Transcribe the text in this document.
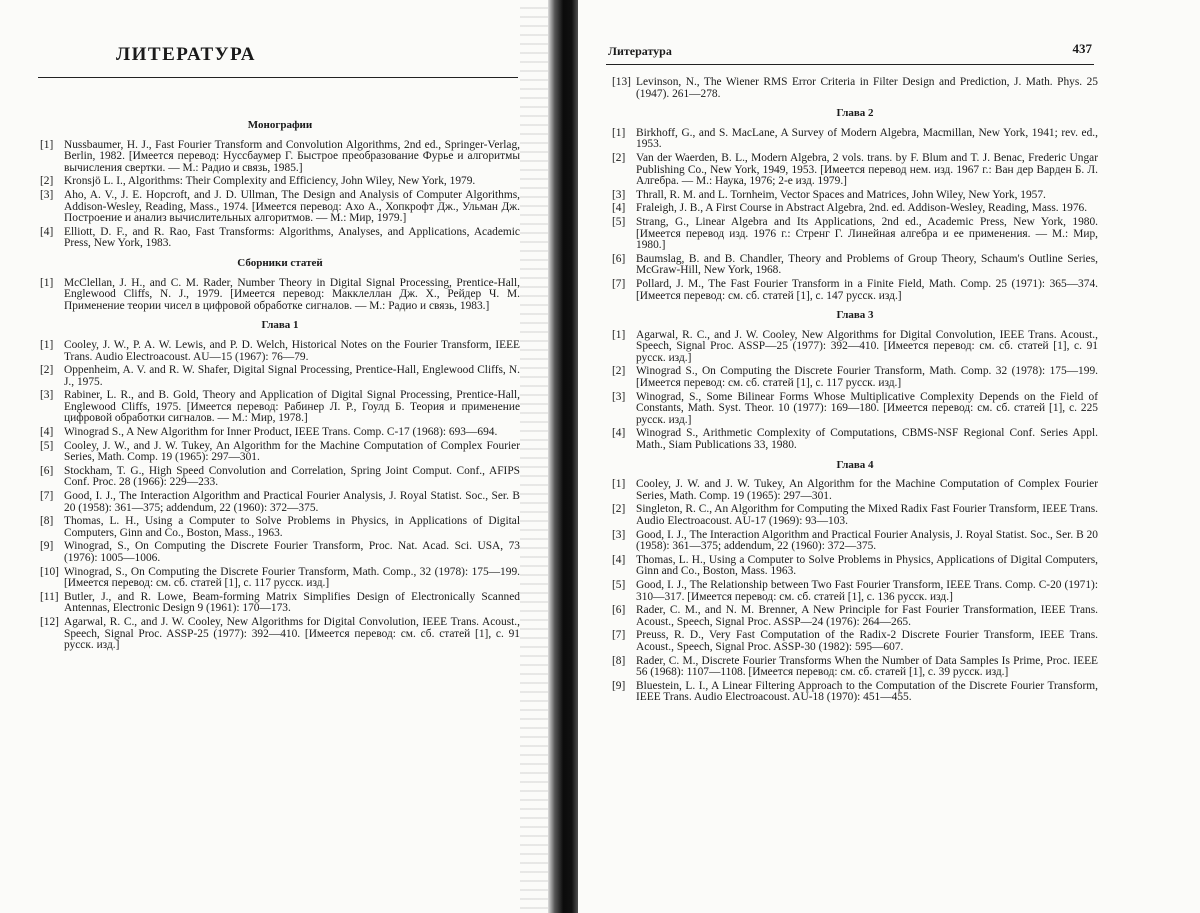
ЛИТЕРАТУРА
Монографии
[1] Nussbaumer, H. J., Fast Fourier Transform and Convolution Algorithms, 2nd ed., Springer-Verlag, Berlin, 1982. [Имеется перевод: Нуссбаумер Г. Быстрое преобразование Фурье и алгоритмы вычисления свертки. — М.: Радио и связь, 1985.]
[2] Kronsjö L. I., Algorithms: Their Complexity and Efficiency, John Wiley, New York, 1979.
[3] Aho, A. V., J. E. Hopcroft, and J. D. Ullman, The Design and Analysis of Computer Algorithms, Addison-Wesley, Reading, Mass., 1974. [Имеется перевод: Ахо А., Хопкрофт Дж., Ульман Дж. Построение и анализ вычислительных алгоритмов. — М.: Мир, 1979.]
[4] Elliott, D. F., and R. Rao, Fast Transforms: Algorithms, Analyses, and Applications, Academic Press, New York, 1983.
Сборники статей
[1] McClellan, J. H., and C. M. Rader, Number Theory in Digital Signal Processing, Prentice-Hall, Englewood Cliffs, N. J., 1979. [Имеется перевод: Макклеллан Дж. Х., Рейдер Ч. М. Применение теории чисел в цифровой обработке сигналов. — М.: Радио и связь, 1983.]
Глава 1
[1] Cooley, J. W., P. A. W. Lewis, and P. D. Welch, Historical Notes on the Fourier Transform, IEEE Trans. Audio Electroacoust. AU—15 (1967): 76—79.
[2] Oppenheim, A. V. and R. W. Shafer, Digital Signal Processing, Prentice-Hall, Englewood Cliffs, N. J., 1975.
[3] Rabiner, L. R., and B. Gold, Theory and Application of Digital Signal Processing, Prentice-Hall, Englewood Cliffs, 1975. [Имеется перевод: Рабинер Л. Р., Гоулд Б. Теория и применение цифровой обработки сигналов. — М.: Мир, 1978.]
[4] Winograd S., A New Algorithm for Inner Product, IEEE Trans. Comp. C-17 (1968): 693—694.
[5] Cooley, J. W., and J. W. Tukey, An Algorithm for the Machine Computation of Complex Fourier Series, Math. Comp. 19 (1965): 297—301.
[6] Stockham, T. G., High Speed Convolution and Correlation, Spring Joint Comput. Conf., AFIPS Conf. Proc. 28 (1966): 229—233.
[7] Good, I. J., The Interaction Algorithm and Practical Fourier Analysis, J. Royal Statist. Soc., Ser. B 20 (1958): 361—375; addendum, 22 (1960): 372—375.
[8] Thomas, L. H., Using a Computer to Solve Problems in Physics, in Applications of Digital Computers, Ginn and Co., Boston, Mass., 1963.
[9] Winograd, S., On Computing the Discrete Fourier Transform, Proc. Nat. Acad. Sci. USA, 73 (1976): 1005—1006.
[10] Winograd, S., On Computing the Discrete Fourier Transform, Math. Comp., 32 (1978): 175—199. [Имеется перевод: см. сб. статей [1], с. 117 русск. изд.]
[11] Butler, J., and R. Lowe, Beam-forming Matrix Simplifies Design of Electronically Scanned Antennas, Electronic Design 9 (1961): 170—173.
[12] Agarwal, R. C., and J. W. Cooley, New Algorithms for Digital Convolution, IEEE Trans. Acoust., Speech, Signal Proc. ASSP-25 (1977): 392—410. [Имеется перевод: см. сб. статей [1], с. 91 русск. изд.]
Литература	437
[13] Levinson, N., The Wiener RMS Error Criteria in Filter Design and Prediction, J. Math. Phys. 25 (1947). 261—278.
Глава 2
[1] Birkhoff, G., and S. MacLane, A Survey of Modern Algebra, Macmillan, New York, 1941; rev. ed., 1953.
[2] Van der Waerden, B. L., Modern Algebra, 2 vols. trans. by F. Blum and T. J. Benac, Frederic Ungar Publishing Co., New York, 1949, 1953. [Имеется перевод нем. изд. 1967 г.: Ван дер Варден Б. Л. Алгебра. — М.: Наука, 1976; 2-е изд. 1979.]
[3] Thrall, R. M. and L. Tornheim, Vector Spaces and Matrices, John Wiley, New York, 1957.
[4] Fraleigh, J. B., A First Course in Abstract Algebra, 2nd. ed. Addison-Wesley, Reading, Mass. 1976.
[5] Strang, G., Linear Algebra and Its Applications, 2nd ed., Academic Press, New York, 1980. [Имеется перевод изд. 1976 г.: Стренг Г. Линейная алгебра и ее применения. — М.: Мир, 1980.]
[6] Baumslag, B. and B. Chandler, Theory and Problems of Group Theory, Schaum's Outline Series, McGraw-Hill, New York, 1968.
[7] Pollard, J. M., The Fast Fourier Transform in a Finite Field, Math. Comp. 25 (1971): 365—374. [Имеется перевод: см. сб. статей [1], с. 147 русск. изд.]
Глава 3
[1] Agarwal, R. C., and J. W. Cooley, New Algorithms for Digital Convolution, IEEE Trans. Acoust., Speech, Signal Proc. ASSP—25 (1977): 392—410. [Имеется перевод: см. сб. статей [1], с. 91 русск. изд.]
[2] Winograd S., On Computing the Discrete Fourier Transform, Math. Comp. 32 (1978): 175—199. [Имеется перевод: см. сб. статей [1], с. 117 русск. изд.]
[3] Winograd, S., Some Bilinear Forms Whose Multiplicative Complexity Depends on the Field of Constants, Math. Syst. Theor. 10 (1977): 169—180. [Имеется перевод: см. сб. статей [1], с. 225 русск. изд.]
[4] Winograd S., Arithmetic Complexity of Computations, CBMS-NSF Regional Conf. Series Appl. Math., Siam Publications 33, 1980.
Глава 4
[1] Cooley, J. W. and J. W. Tukey, An Algorithm for the Machine Computation of Complex Fourier Series, Math. Comp. 19 (1965): 297—301.
[2] Singleton, R. C., An Algorithm for Computing the Mixed Radix Fast Fourier Transform, IEEE Trans. Audio Electroacoust. AU-17 (1969): 93—103.
[3] Good, I. J., The Interaction Algorithm and Practical Fourier Analysis, J. Royal Statist. Soc., Ser. B 20 (1958): 361—375; addendum, 22 (1960): 372—375.
[4] Thomas, L. H., Using a Computer to Solve Problems in Physics, Applications of Digital Computers, Ginn and Co., Boston, Mass. 1963.
[5] Good, I. J., The Relationship between Two Fast Fourier Transform, IEEE Trans. Comp. C-20 (1971): 310—317. [Имеется перевод: см. сб. статей [1], с. 136 русск. изд.]
[6] Rader, C. M., and N. M. Brenner, A New Principle for Fast Fourier Transformation, IEEE Trans. Acoust., Speech, Signal Proc. ASSP—24 (1976): 264—265.
[7] Preuss, R. D., Very Fast Computation of the Radix-2 Discrete Fourier Transform, IEEE Trans. Acoust., Speech, Signal Proc. ASSP-30 (1982): 595—607.
[8] Rader, C. M., Discrete Fourier Transforms When the Number of Data Samples Is Prime, Proc. IEEE 56 (1968): 1107—1108. [Имеется перевод: см. сб. статей [1], с. 39 русск. изд.]
[9] Bluestein, L. I., A Linear Filtering Approach to the Computation of the Discrete Fourier Transform, IEEE Trans. Audio Electroacoust. AU-18 (1970): 451—455.
